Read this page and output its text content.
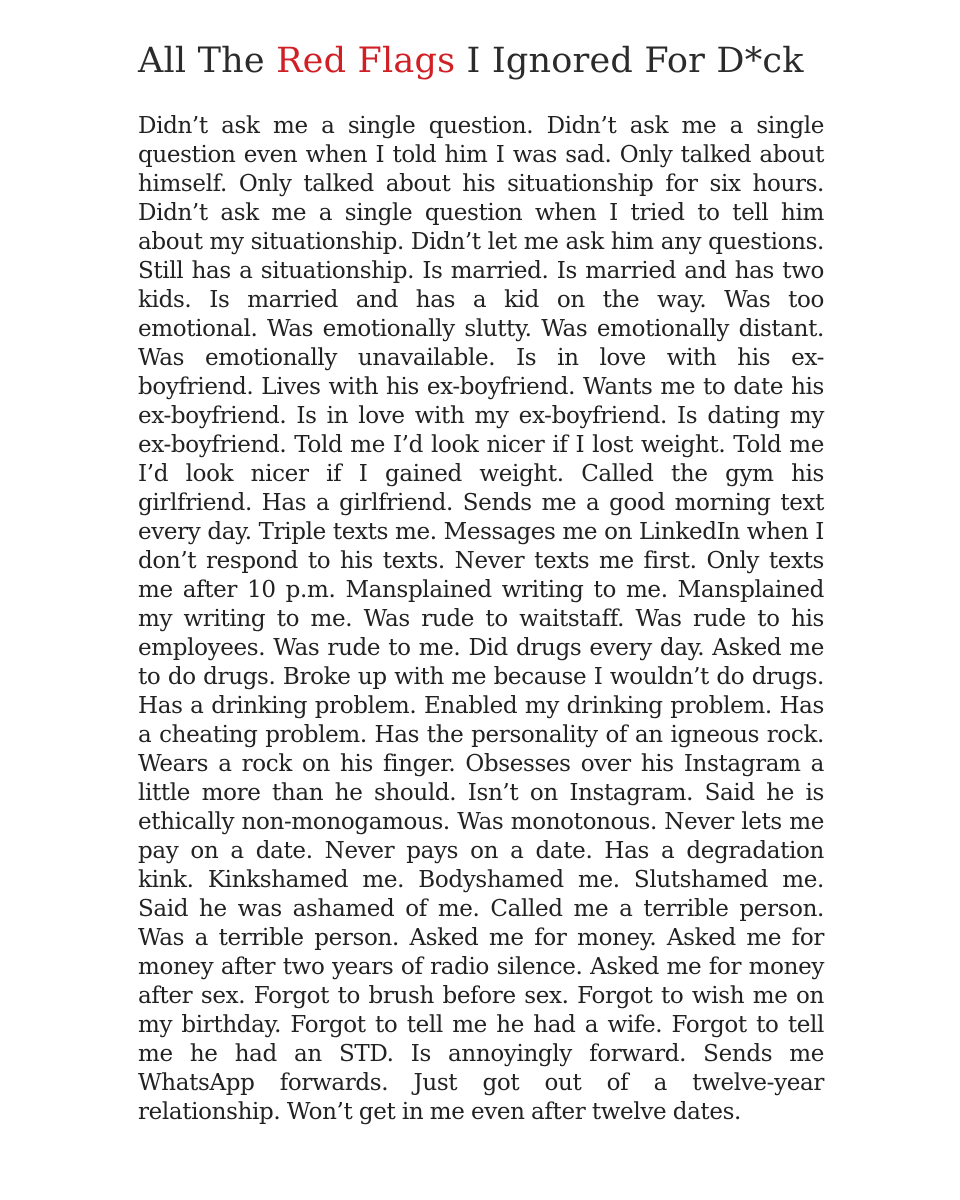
All The Red Flags I Ignored For D*ck

Didn’t ask me a single question. Didn’t ask me a single question even when I told him I was sad. Only talked about himself. Only talked about his situationship for six hours. Didn’t ask me a single question when I tried to tell him about my situationship. Didn’t let me ask him any questions. Still has a situationship. Is married. Is married and has two kids. Is married and has a kid on the way. Was too emotional. Was emotionally slutty. Was emotionally distant. Was emotionally unavailable. Is in love with his ex-boyfriend. Lives with his ex-boyfriend. Wants me to date his ex-boyfriend. Is in love with my ex-boyfriend. Is dating my ex-boyfriend. Told me I’d look nicer if I lost weight. Told me I’d look nicer if I gained weight. Called the gym his girlfriend. Has a girlfriend. Sends me a good morning text every day. Triple texts me. Messages me on LinkedIn when I don’t respond to his texts. Never texts me first. Only texts me after 10 p.m. Mansplained writing to me. Mansplained my writing to me. Was rude to waitstaff. Was rude to his employees. Was rude to me. Did drugs every day. Asked me to do drugs. Broke up with me because I wouldn’t do drugs. Has a drinking problem. Enabled my drinking problem. Has a cheating problem. Has the personality of an igneous rock. Wears a rock on his finger. Obsesses over his Instagram a little more than he should. Isn’t on Instagram. Said he is ethically non-monogamous. Was monotonous. Never lets me pay on a date. Never pays on a date. Has a degradation kink. Kinkshamed me. Bodyshamed me. Slutshamed me. Said he was ashamed of me. Called me a terrible person. Was a terrible person. Asked me for money. Asked me for money after two years of radio silence. Asked me for money after sex. Forgot to brush before sex. Forgot to wish me on my birthday. Forgot to tell me he had a wife. Forgot to tell me he had an STD. Is annoyingly forward. Sends me WhatsApp forwards. Just got out of a twelve-year relationship. Won’t get in me even after twelve dates.
